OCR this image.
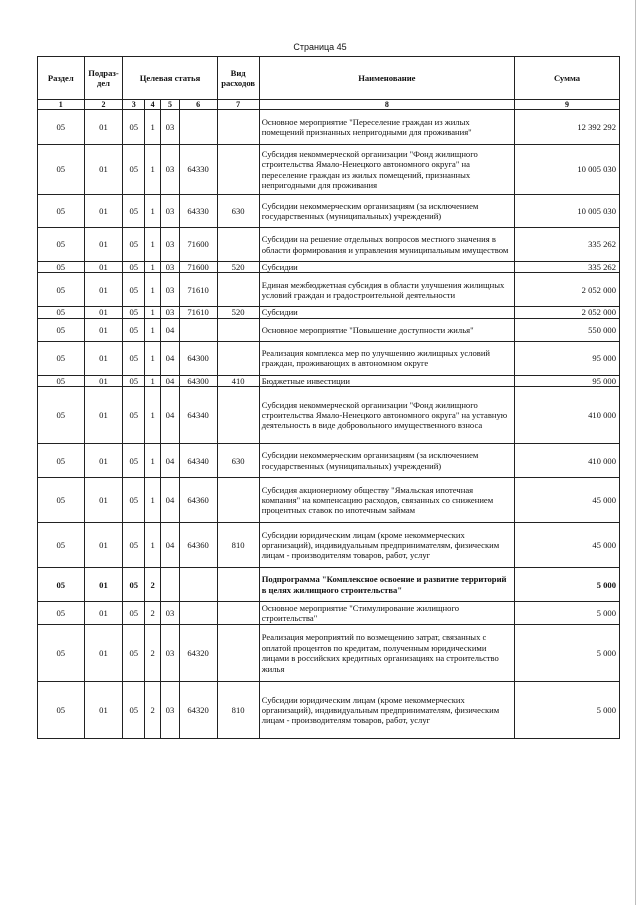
Страница 45
Раздел	Подраз-дел	Целевая статья				Вид расходов	Наименование	Сумма
1	2	3	4	5	6	7	8	9
05	01	05	1	03			Основное мероприятие "Переселение граждан из жилых помещений признанных непригодными для проживания"	12 392 292
05	01	05	1	03	64330		Субсидия некоммерческой организации "Фонд жилищного строительства Ямало-Ненецкого автономного округа" на переселение граждан из жилых помещений, признанных непригодными для проживания	10 005 030
05	01	05	1	03	64330	630	Субсидии некоммерческим организациям (за исключением государственных (муниципальных) учреждений)	10 005 030
05	01	05	1	03	71600		Субсидии на решение отдельных вопросов местного значения в области формирования и управления муниципальным имуществом	335 262
05	01	05	1	03	71600	520	Субсидии	335 262
05	01	05	1	03	71610		Единая межбюджетная субсидия в области улучшения жилищных условий граждан и градостроительной деятельности	2 052 000
05	01	05	1	03	71610	520	Субсидии	2 052 000
05	01	05	1	04			Основное мероприятие "Повышение доступности жилья"	550 000
05	01	05	1	04	64300		Реализация комплекса мер по улучшению жилищных условий граждан, проживающих в автономном округе	95 000
05	01	05	1	04	64300	410	Бюджетные инвестиции	95 000
05	01	05	1	04	64340		Субсидия некоммерческой организации "Фонд жилищного строительства Ямало-Ненецкого автономного округа" на уставную деятельность в виде добровольного имущественного взноса	410 000
05	01	05	1	04	64340	630	Субсидии некоммерческим организациям (за исключением государственных (муниципальных) учреждений)	410 000
05	01	05	1	04	64360		Субсидия акционерному обществу "Ямальская ипотечная компания" на компенсацию расходов, связанных со снижением процентных ставок по ипотечным займам	45 000
05	01	05	1	04	64360	810	Субсидии юридическим лицам (кроме некоммерческих организаций), индивидуальным предпринимателям, физическим лицам - производителям товаров, работ, услуг	45 000
05	01	05	2				Подпрограмма "Комплексное освоение и развитие территорий в целях жилищного строительства"	5 000
05	01	05	2	03			Основное мероприятие "Стимулирование жилищного строительства"	5 000
05	01	05	2	03	64320		Реализация мероприятий по возмещению затрат, связанных с оплатой процентов по кредитам, полученным юридическими лицами в российских кредитных организациях на строительство жилья	5 000
05	01	05	2	03	64320	810	Субсидии юридическим лицам (кроме некоммерческих организаций), индивидуальным предпринимателям, физическим лицам - производителям товаров, работ, услуг	5 000
